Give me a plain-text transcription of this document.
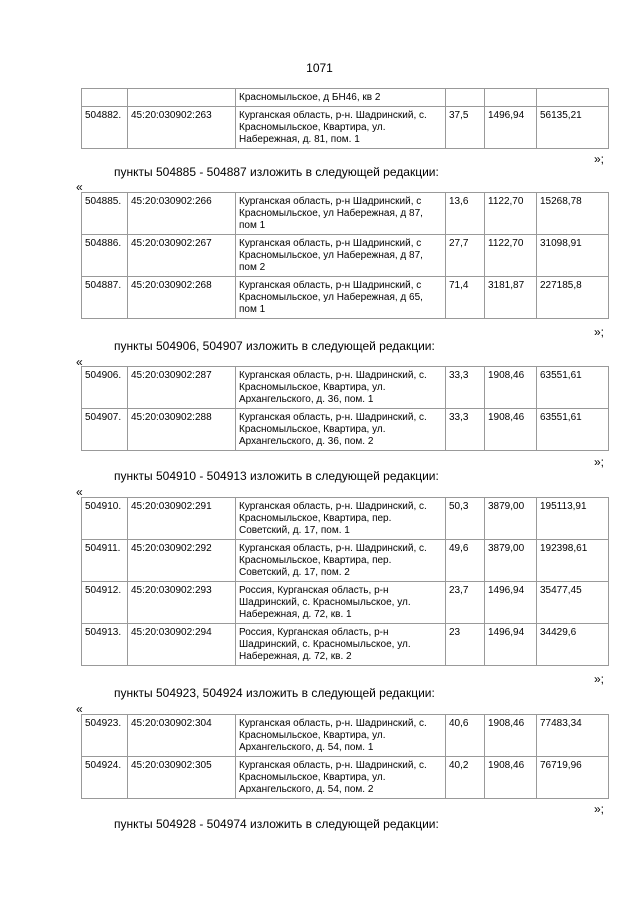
1071
		Красномыльское, д БН46, кв 2			
504882.	45:20:030902:263	Курганская область, р-н. Шадринский, с. Красномыльское, Квартира, ул. Набережная, д. 81, пом. 1	37,5	1496,94	56135,21
»;
пункты 504885 - 504887 изложить в следующей редакции:
«
504885.	45:20:030902:266	Курганская область, р-н Шадринский, с Красномыльское, ул Набережная, д 87, пом 1	13,6	1122,70	15268,78
504886.	45:20:030902:267	Курганская область, р-н Шадринский, с Красномыльское, ул Набережная, д 87, пом 2	27,7	1122,70	31098,91
504887.	45:20:030902:268	Курганская область, р-н Шадринский, с Красномыльское, ул Набережная, д 65, пом 1	71,4	3181,87	227185,8
»;
пункты 504906, 504907 изложить в следующей редакции:
«
504906.	45:20:030902:287	Курганская область, р-н. Шадринский, с. Красномыльское, Квартира, ул. Архангельского, д. 36, пом. 1	33,3	1908,46	63551,61
504907.	45:20:030902:288	Курганская область, р-н. Шадринский, с. Красномыльское, Квартира, ул. Архангельского, д. 36, пом. 2	33,3	1908,46	63551,61
»;
пункты 504910 - 504913 изложить в следующей редакции:
«
504910.	45:20:030902:291	Курганская область, р-н. Шадринский, с. Красномыльское, Квартира, пер. Советский, д. 17, пом. 1	50,3	3879,00	195113,91
504911.	45:20:030902:292	Курганская область, р-н. Шадринский, с. Красномыльское, Квартира, пер. Советский, д. 17, пом. 2	49,6	3879,00	192398,61
504912.	45:20:030902:293	Россия, Курганская область, р-н Шадринский, с. Красномыльское, ул. Набережная, д. 72, кв. 1	23,7	1496,94	35477,45
504913.	45:20:030902:294	Россия, Курганская область, р-н Шадринский, с. Красномыльское, ул. Набережная, д. 72, кв. 2	23	1496,94	34429,6
»;
пункты 504923, 504924 изложить в следующей редакции:
«
504923.	45:20:030902:304	Курганская область, р-н. Шадринский, с. Красномыльское, Квартира, ул. Архангельского, д. 54, пом. 1	40,6	1908,46	77483,34
504924.	45:20:030902:305	Курганская область, р-н. Шадринский, с. Красномыльское, Квартира, ул. Архангельского, д. 54, пом. 2	40,2	1908,46	76719,96
»;
пункты 504928 - 504974 изложить в следующей редакции:
